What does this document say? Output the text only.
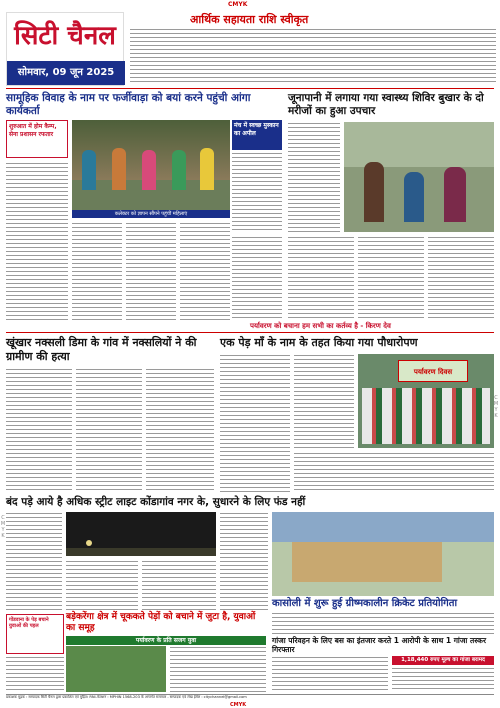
CMYK
सिटी चैनल
सोमवार, 09 जून 2025
आर्थिक सहायता राशि स्वीकृत
सामूहिक विवाह के नाम पर फर्जीवाड़ा को बयां करने पहुंची आंगा कार्यकर्ता
शुरुआत में होम कैम्प, सेना प्रशासन रफतार
कलेक्टर को ज्ञापन सौंपने पहुंचीं महिलाएं
मंच में स्वच्छ मुस्कान का अपील
जूनापानी में लगाया गया स्वास्थ्य शिविर बुखार के दो मरीजों का हुआ उपचार
पर्यावरण को बचाना हम सभी का कर्तव्य है - किरण देव
खूंखार नक्सली डिमा के गांव में नक्सलियों ने की ग्रामीण की हत्या
एक पेड़ माँ के नाम के तहत किया गया पौधारोपण
पर्यावरण दिवस
बंद पड़े आये है अधिक स्ट्रीट लाइट कोंडागांव नगर के, सुधारने के लिए फंड नहीं
कासोली में शुरू हुई ग्रीष्मकालीन क्रिकेट प्रतियोगिता
गोंडवाना के पेड़ बचाने युवाओं की पहल
बड़ेकरेंगा क्षेत्र में चूककते पेड़ों को बचाने में जुटा है, युवाओं का समूह
पर्यावरण के प्रति सजग युवा	गांजा परिवहन के लिए बस का इंतजार करते 1 आरोपी के साथ 1 गांजा तस्कर गिरफ्तार
1,18,440 रुपए मूल्य का गांजा बरामद
C
M
Y
K
C
M
Y
K
प्रकाशक मुद्रक : सम्पादक सिटी चैनल द्वारा प्रकाशित एवं मुद्रित। RNI-फेक्शन : MPHIN 1568-203 के अन्तर्गत समाचार - सम्पादक एवं लेख ईमेल : citychannel@gmail.com
CMYK
